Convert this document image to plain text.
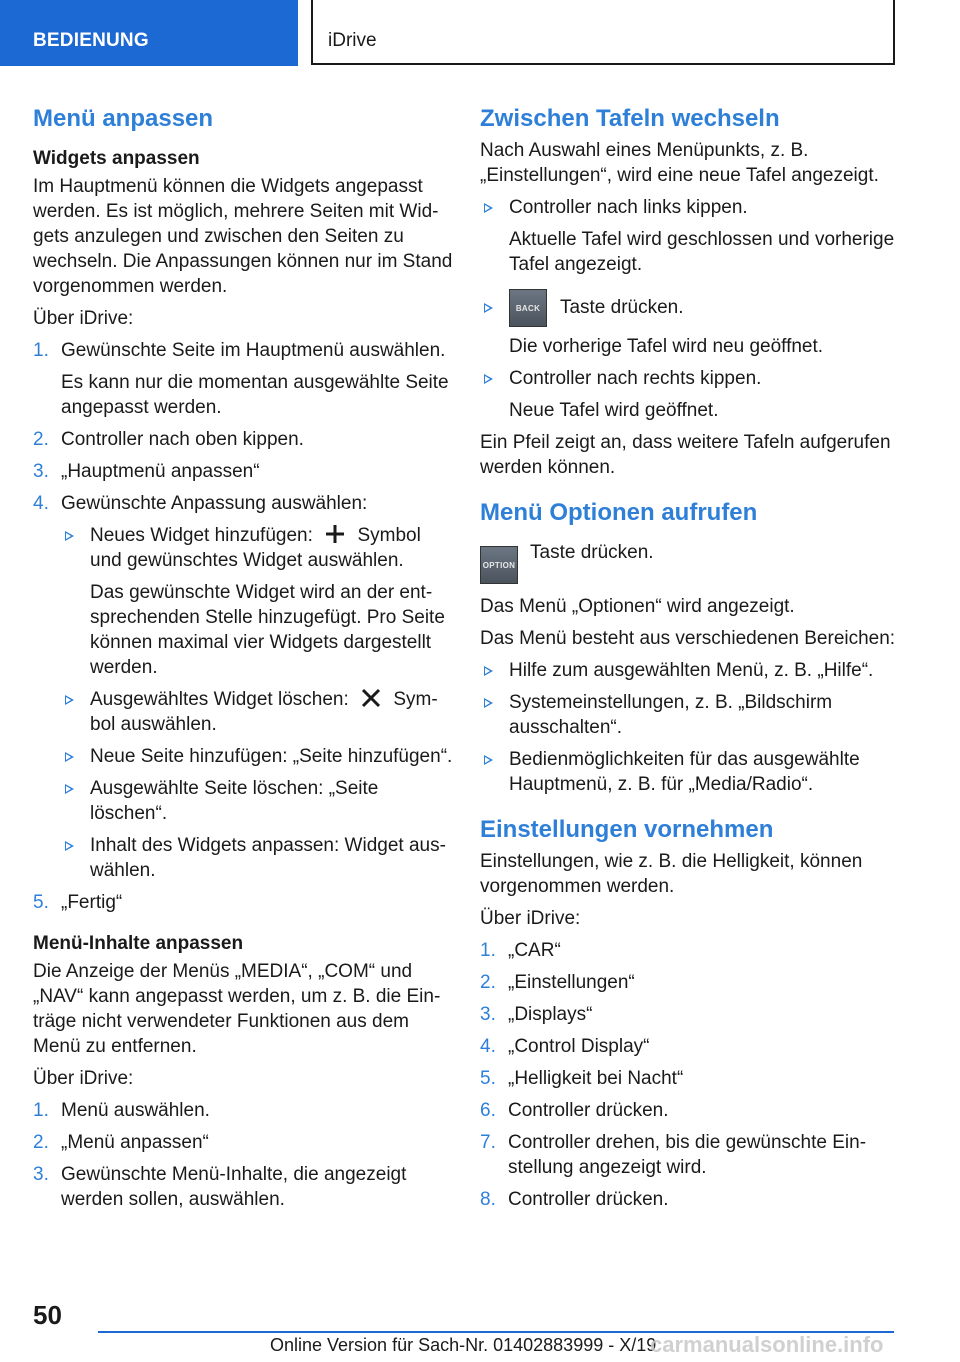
BEDIENUNG	iDrive
Menü anpassen
Widgets anpassen

Im Hauptmenü können die Widgets angepasst werden. Es ist möglich, mehrere Seiten mit Widgets anzulegen und zwischen den Seiten zu wechseln. Die Anpassungen können nur im Stand vorgenommen werden.

Über iDrive:

1. Gewünschte Seite im Hauptmenü auswählen.
Es kann nur die momentan ausgewählte Seite angepasst werden.
2. Controller nach oben kippen.
3. „Hauptmenü anpassen“
4. Gewünschte Anpassung auswählen:
Neues Widget hinzufügen: Symbol und gewünschtes Widget auswählen.
Das gewünschte Widget wird an der entsprechenden Stelle hinzugefügt. Pro Seite können maximal vier Widgets dargestellt werden.
Ausgewähltes Widget löschen: Symbol auswählen.
Neue Seite hinzufügen: „Seite hinzufügen“.
Ausgewählte Seite löschen: „Seite löschen“.
Inhalt des Widgets anpassen: Widget auswählen.
5. „Fertig“
Menü-Inhalte anpassen

Die Anzeige der Menüs „MEDIA“, „COM“ und „NAV“ kann angepasst werden, um z. B. die Einträge nicht verwendeter Funktionen aus dem Menü zu entfernen.

Über iDrive:

1. Menü auswählen.
2. „Menü anpassen“
3. Gewünschte Menü-Inhalte, die angezeigt werden sollen, auswählen.
Zwischen Tafeln wechseln

Nach Auswahl eines Menüpunkts, z. B. „Einstellungen“, wird eine neue Tafel angezeigt.

Controller nach links kippen.
Aktuelle Tafel wird geschlossen und vorherige Tafel angezeigt.
BACK Taste drücken.
Die vorherige Tafel wird neu geöffnet.
Controller nach rechts kippen.
Neue Tafel wird geöffnet.

Ein Pfeil zeigt an, dass weitere Tafeln aufgerufen werden können.

Menü Optionen aufrufen
OPTION
Taste drücken.

Das Menü „Optionen“ wird angezeigt.

Das Menü besteht aus verschiedenen Bereichen:

Hilfe zum ausgewählten Menü, z. B. „Hilfe“.
Systemeinstellungen, z. B. „Bildschirm ausschalten“.
Bedienmöglichkeiten für das ausgewählte Hauptmenü, z. B. für „Media/Radio“.
Einstellungen vornehmen

Einstellungen, wie z. B. die Helligkeit, können vorgenommen werden.

Über iDrive:

1. „CAR“
2. „Einstellungen“
3. „Displays“
4. „Control Display“
5. „Helligkeit bei Nacht“
6. Controller drücken.
7. Controller drehen, bis die gewünschte Einstellung angezeigt wird.
8. Controller drücken.
50
Online Version für Sach-Nr. 01402883999 - X/19
carmanualsonline.info
